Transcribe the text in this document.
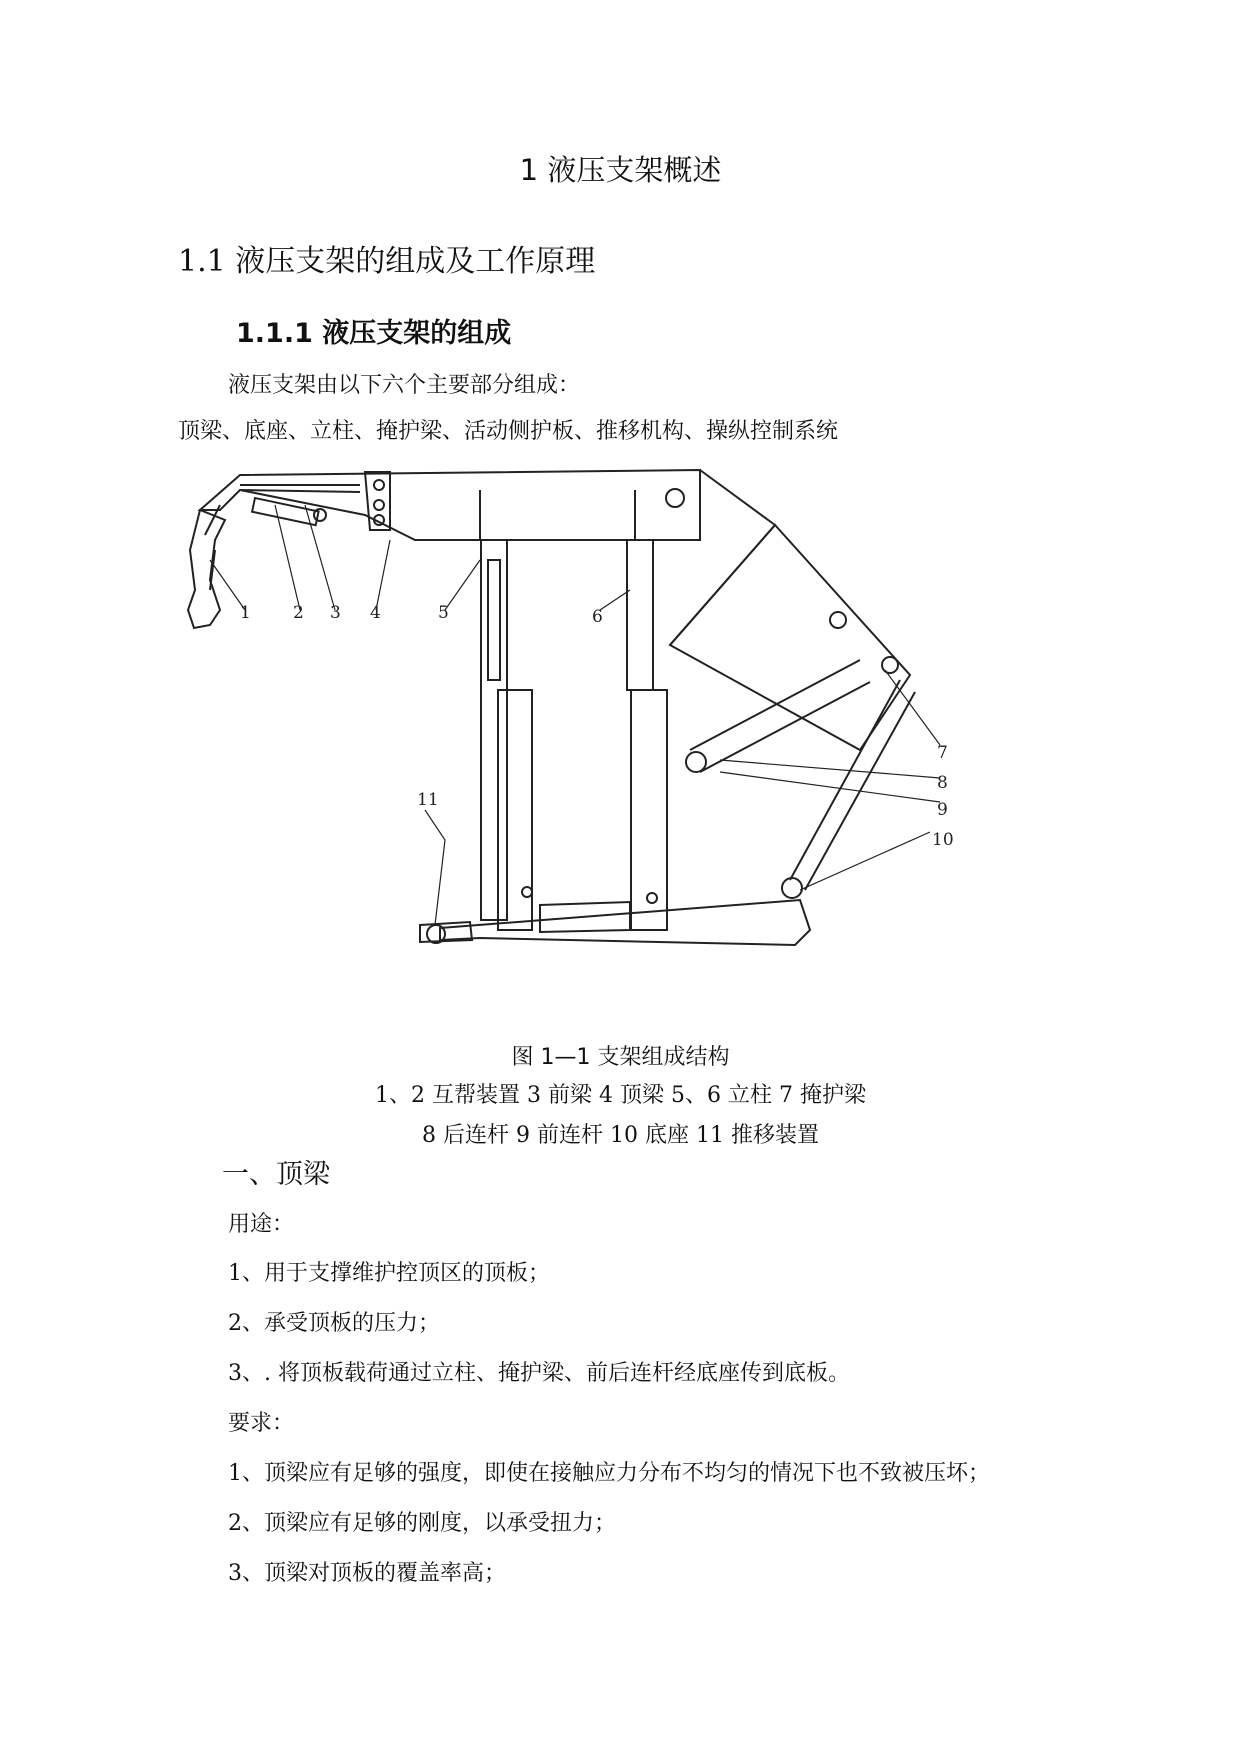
1 液压支架概述
1.1 液压支架的组成及工作原理
1.1.1 液压支架的组成
液压支架由以下六个主要部分组成：
顶梁、底座、立柱、掩护梁、活动侧护板、推移机构、操纵控制系统
1 2 3 4	5	6
7
8
9
10
11
图 1—1 支架组成结构
1、2 互帮装置 3 前梁 4 顶梁 5、6 立柱 7 掩护梁
8 后连杆 9 前连杆 10 底座 11 推移装置
一、顶梁
用途：
1、用于支撑维护控顶区的顶板；
2、承受顶板的压力；
3、. 将顶板载荷通过立柱、掩护梁、前后连杆经底座传到底板。
要求：
1、顶梁应有足够的强度，即使在接触应力分布不均匀的情况下也不致被压坏；
2、顶梁应有足够的刚度，以承受扭力；
3、顶梁对顶板的覆盖率高；
